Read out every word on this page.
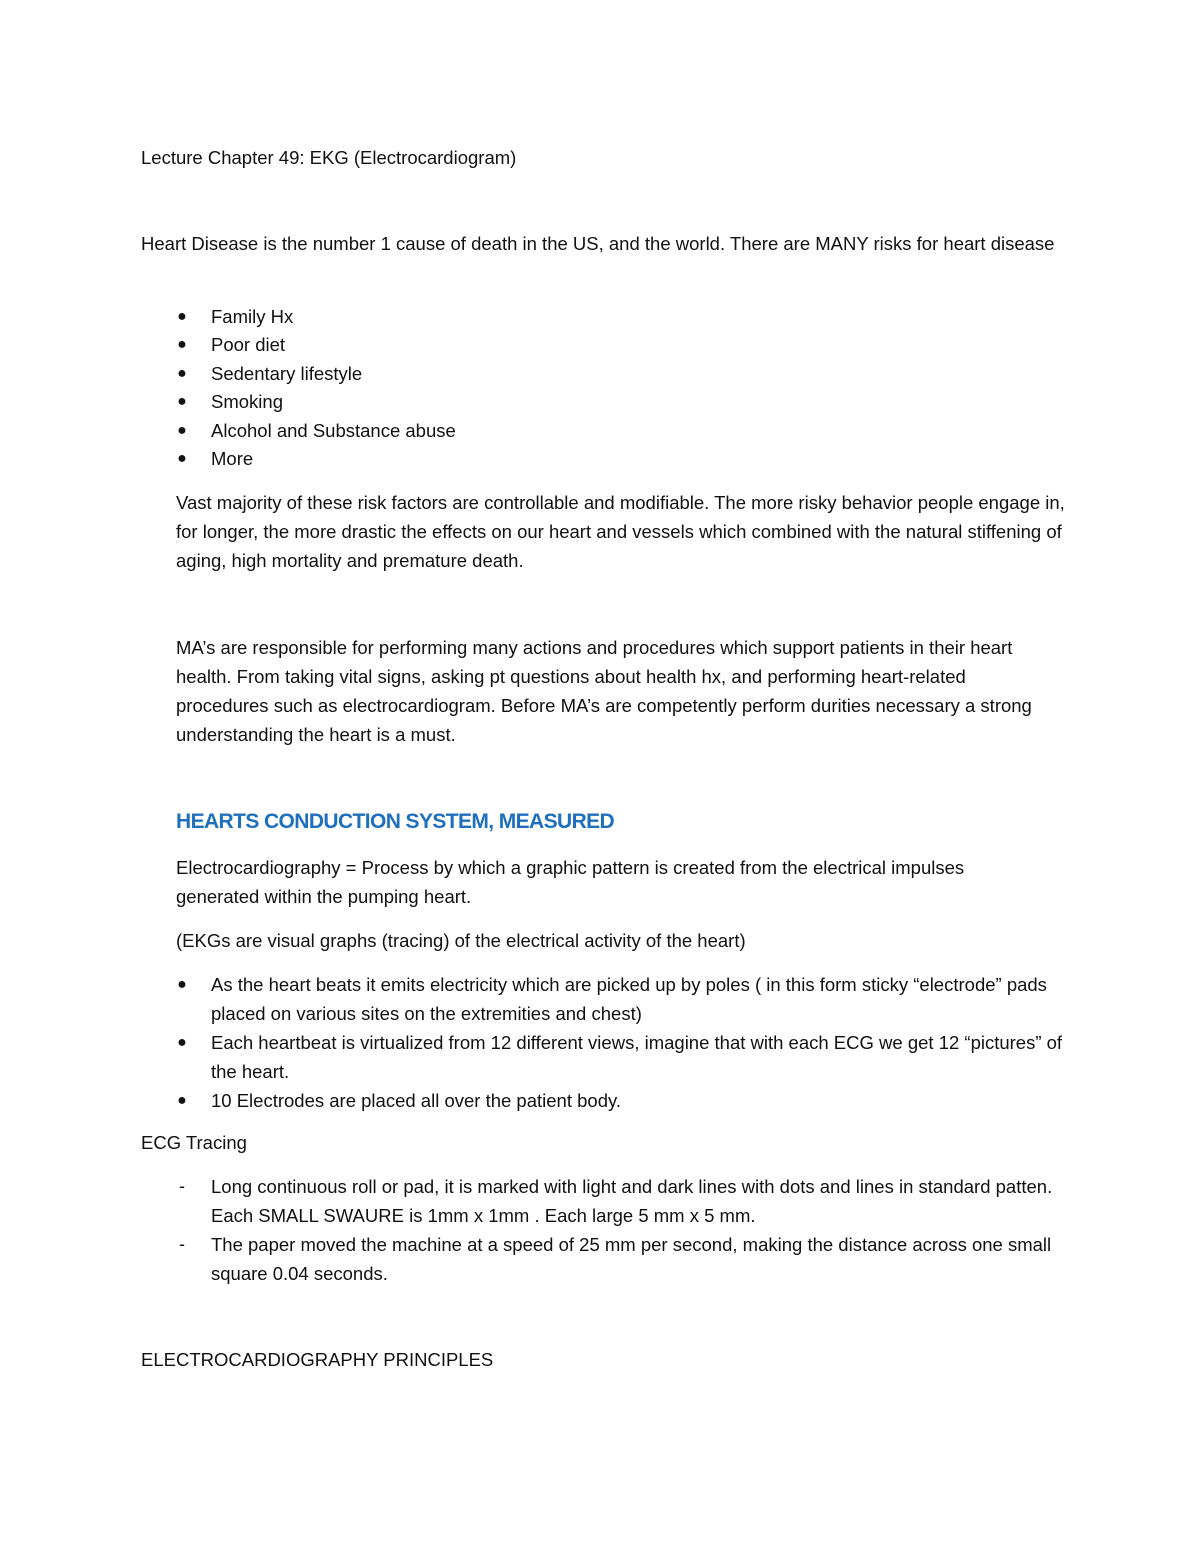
Lecture Chapter 49: EKG (Electrocardiogram)

Heart Disease is the number 1 cause of death in the US, and the world. There are MANY risks for heart disease

● Family Hx
● Poor diet
● Sedentary lifestyle
● Smoking
● Alcohol and Substance abuse
● More

Vast majority of these risk factors are controllable and modifiable. The more risky behavior people engage in, for longer, the more drastic the effects on our heart and vessels which combined with the natural stiffening of aging, high mortality and premature death.

MA’s are responsible for performing many actions and procedures which support patients in their heart health. From taking vital signs, asking pt questions about health hx, and performing heart-related procedures such as electrocardiogram. Before MA’s are competently perform durities necessary a strong understanding the heart is a must.

HEARTS CONDUCTION SYSTEM, MEASURED

Electrocardiography = Process by which a graphic pattern is created from the electrical impulses generated within the pumping heart.

(EKGs are visual graphs (tracing) of the electrical activity of the heart)

● As the heart beats it emits electricity which are picked up by poles ( in this form sticky “electrode” pads placed on various sites on the extremities and chest)
● Each heartbeat is virtualized from 12 different views, imagine that with each ECG we get 12 “pictures” of the heart.
● 10 Electrodes are placed all over the patient body.

ECG Tracing

- Long continuous roll or pad, it is marked with light and dark lines with dots and lines in standard patten. Each SMALL SWAURE is 1mm x 1mm . Each large 5 mm x 5 mm.
- The paper moved the machine at a speed of 25 mm per second, making the distance across one small square 0.04 seconds.

ELECTROCARDIOGRAPHY PRINCIPLES
